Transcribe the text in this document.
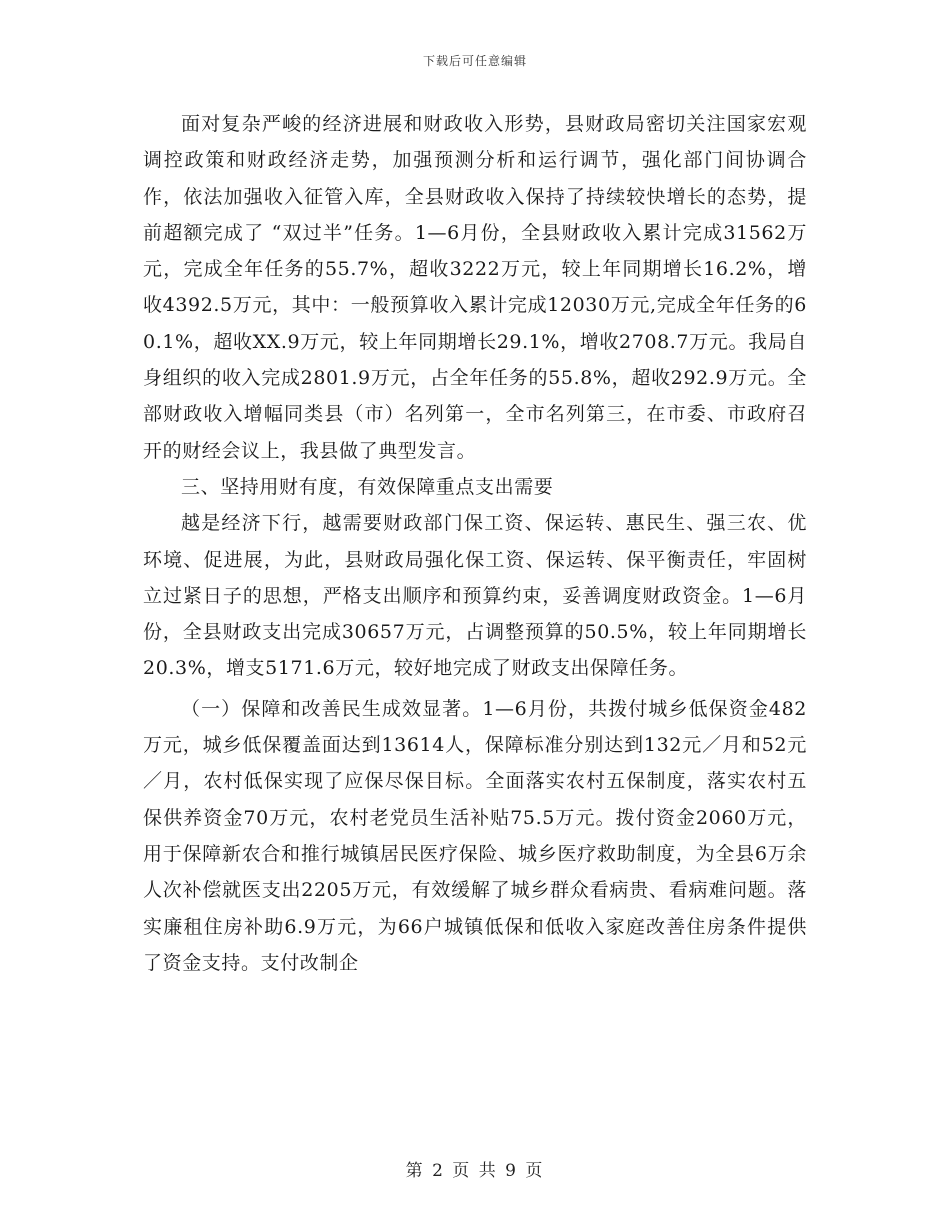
下载后可任意编辑

面对复杂严峻的经济进展和财政收入形势，县财政局密切关注国家宏观调控政策和财政经济走势，加强预测分析和运行调节，强化部门间协调合作，依法加强收入征管入库，全县财政收入保持了持续较快增长的态势，提前超额完成了 “双过半”任务。1—6月份，全县财政收入累计完成31562万元，完成全年任务的55.7%，超收3222万元，较上年同期增长16.2%，增收4392.5万元，其中：一般预算收入累计完成12030万元,完成全年任务的60.1%，超收XX.9万元，较上年同期增长29.1%，增收2708.7万元。我局自身组织的收入完成2801.9万元，占全年任务的55.8%，超收292.9万元。全部财政收入增幅同类县（市）名列第一，全市名列第三，在市委、市政府召开的财经会议上，我县做了典型发言。

三、坚持用财有度，有效保障重点支出需要

越是经济下行，越需要财政部门保工资、保运转、惠民生、强三农、优环境、促进展，为此，县财政局强化保工资、保运转、保平衡责任，牢固树立过紧日子的思想，严格支出顺序和预算约束，妥善调度财政资金。1—6月份，全县财政支出完成30657万元，占调整预算的50.5%，较上年同期增长20.3%，增支5171.6万元，较好地完成了财政支出保障任务。

（一）保障和改善民生成效显著。1—6月份，共拨付城乡低保资金482万元，城乡低保覆盖面达到13614人，保障标准分别达到132元／月和52元／月，农村低保实现了应保尽保目标。全面落实农村五保制度，落实农村五保供养资金70万元，农村老党员生活补贴75.5万元。拨付资金2060万元，用于保障新农合和推行城镇居民医疗保险、城乡医疗救助制度，为全县6万余人次补偿就医支出2205万元，有效缓解了城乡群众看病贵、看病难问题。落实廉租住房补助6.9万元，为66户城镇低保和低收入家庭改善住房条件提供了资金支持。支付改制企

第 2 页 共 9 页
